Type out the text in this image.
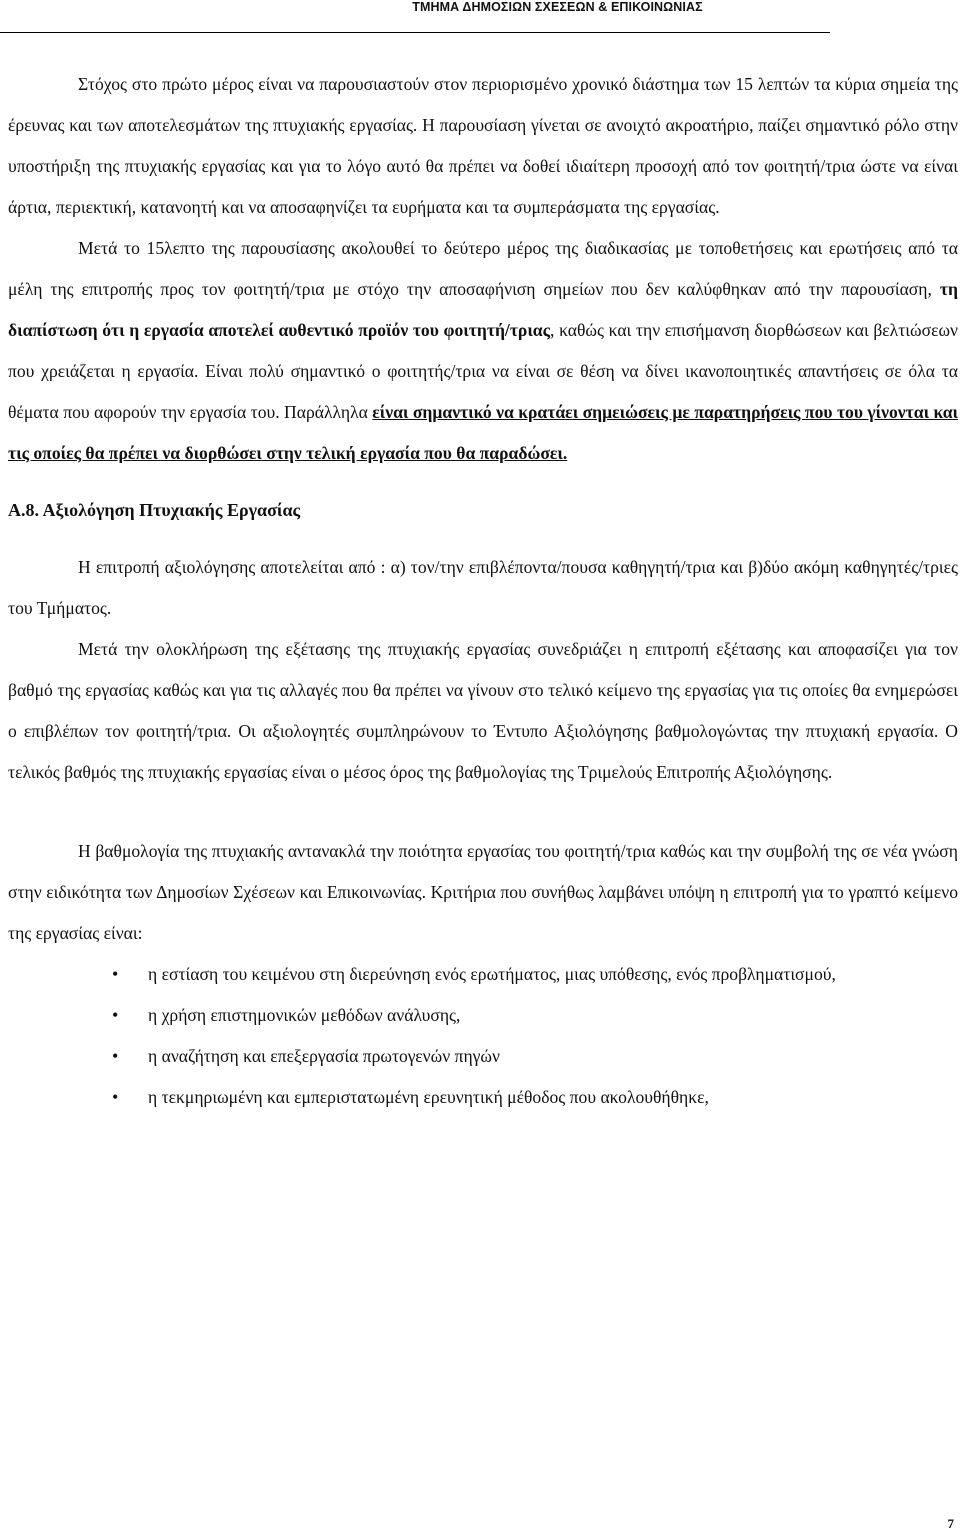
ΤΜΗΜΑ ΔΗΜΟΣΙΩΝ ΣΧΕΣΕΩΝ & ΕΠΙΚΟΙΝΩΝΙΑΣ

Στόχος στο πρώτο μέρος είναι να παρουσιαστούν στον περιορισμένο χρονικό διάστημα των 15 λεπτών τα κύρια σημεία της έρευνας και των αποτελεσμάτων της πτυχιακής εργασίας. Η παρουσίαση γίνεται σε ανοιχτό ακροατήριο, παίζει σημαντικό ρόλο στην υποστήριξη της πτυχιακής εργασίας και για το λόγο αυτό θα πρέπει να δοθεί ιδιαίτερη προσοχή από τον φοιτητή/τρια ώστε να είναι άρτια, περιεκτική, κατανοητή και να αποσαφηνίζει τα ευρήματα και τα συμπεράσματα της εργασίας.

Μετά το 15λεπτο της παρουσίασης ακολουθεί το δεύτερο μέρος της διαδικασίας με τοποθετήσεις και ερωτήσεις από τα μέλη της επιτροπής προς τον φοιτητή/τρια με στόχο την αποσαφήνιση σημείων που δεν καλύφθηκαν από την παρουσίαση, τη διαπίστωση ότι η εργασία αποτελεί αυθεντικό προϊόν του φοιτητή/τριας, καθώς και την επισήμανση διορθώσεων και βελτιώσεων που χρειάζεται η εργασία. Είναι πολύ σημαντικό ο φοιτητής/τρια να είναι σε θέση να δίνει ικανοποιητικές απαντήσεις σε όλα τα θέματα που αφορούν την εργασία του. Παράλληλα είναι σημαντικό να κρατάει σημειώσεις με παρατηρήσεις που του γίνονται και τις οποίες θα πρέπει να διορθώσει στην τελική εργασία που θα παραδώσει.

Α.8. Αξιολόγηση Πτυχιακής Εργασίας

Η επιτροπή αξιολόγησης αποτελείται από : α) τον/την επιβλέποντα/πουσα καθηγητή/τρια και β)δύο ακόμη καθηγητές/τριες του Τμήματος.

Μετά την ολοκλήρωση της εξέτασης της πτυχιακής εργασίας συνεδριάζει η επιτροπή εξέτασης και αποφασίζει για τον βαθμό της εργασίας καθώς και για τις αλλαγές που θα πρέπει να γίνουν στο τελικό κείμενο της εργασίας για τις οποίες θα ενημερώσει ο επιβλέπων τον φοιτητή/τρια. Οι αξιολογητές συμπληρώνουν το Έντυπο Αξιολόγησης βαθμολογώντας την πτυχιακή εργασία. Ο τελικός βαθμός της πτυχιακής εργασίας είναι ο μέσος όρος της βαθμολογίας της Τριμελούς Επιτροπής Αξιολόγησης.

Η βαθμολογία της πτυχιακής αντανακλά την ποιότητα εργασίας του φοιτητή/τρια καθώς και την συμβολή της σε νέα γνώση στην ειδικότητα των Δημοσίων Σχέσεων και Επικοινωνίας. Κριτήρια που συνήθως λαμβάνει υπόψη η επιτροπή για το γραπτό κείμενο της εργασίας είναι:

• η εστίαση του κειμένου στη διερεύνηση ενός ερωτήματος, μιας υπόθεσης, ενός προβληματισμού,
• η χρήση επιστημονικών μεθόδων ανάλυσης,
• η αναζήτηση και επεξεργασία πρωτογενών πηγών
• η τεκμηριωμένη και εμπεριστατωμένη ερευνητική μέθοδος που ακολουθήθηκε,
7
